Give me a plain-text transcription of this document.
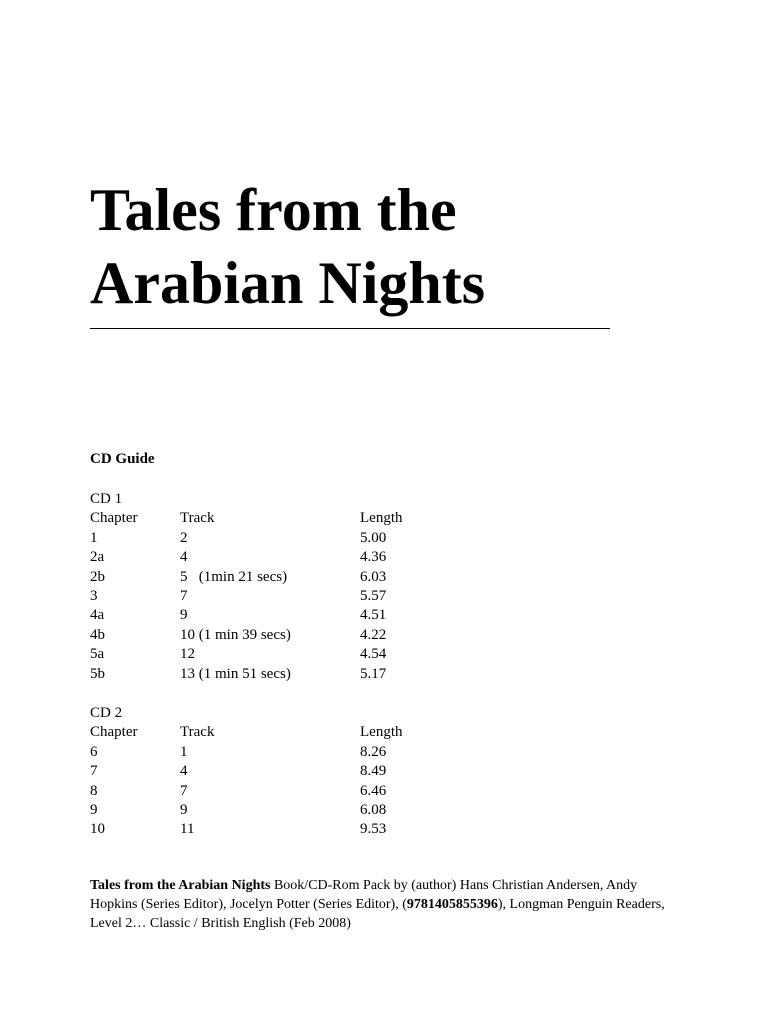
Tales from the
Arabian Nights
CD Guide
CD 1
Chapter	Track	Length
1	2	5.00
2a	4	4.36
2b	5   (1min 21 secs)	6.03
3	7	5.57
4a	9	4.51
4b	10 (1 min 39 secs)	4.22
5a	12	4.54
5b	13 (1 min 51 secs)	5.17
CD 2
Chapter	Track	Length
6	1	8.26
7	4	8.49
8	7	6.46
9	9	6.08
10	11	9.53
Tales from the Arabian Nights Book/CD-Rom Pack by (author) Hans Christian Andersen, Andy Hopkins (Series Editor), Jocelyn Potter (Series Editor), (9781405855396), Longman Penguin Readers, Level 2… Classic / British English (Feb 2008)
